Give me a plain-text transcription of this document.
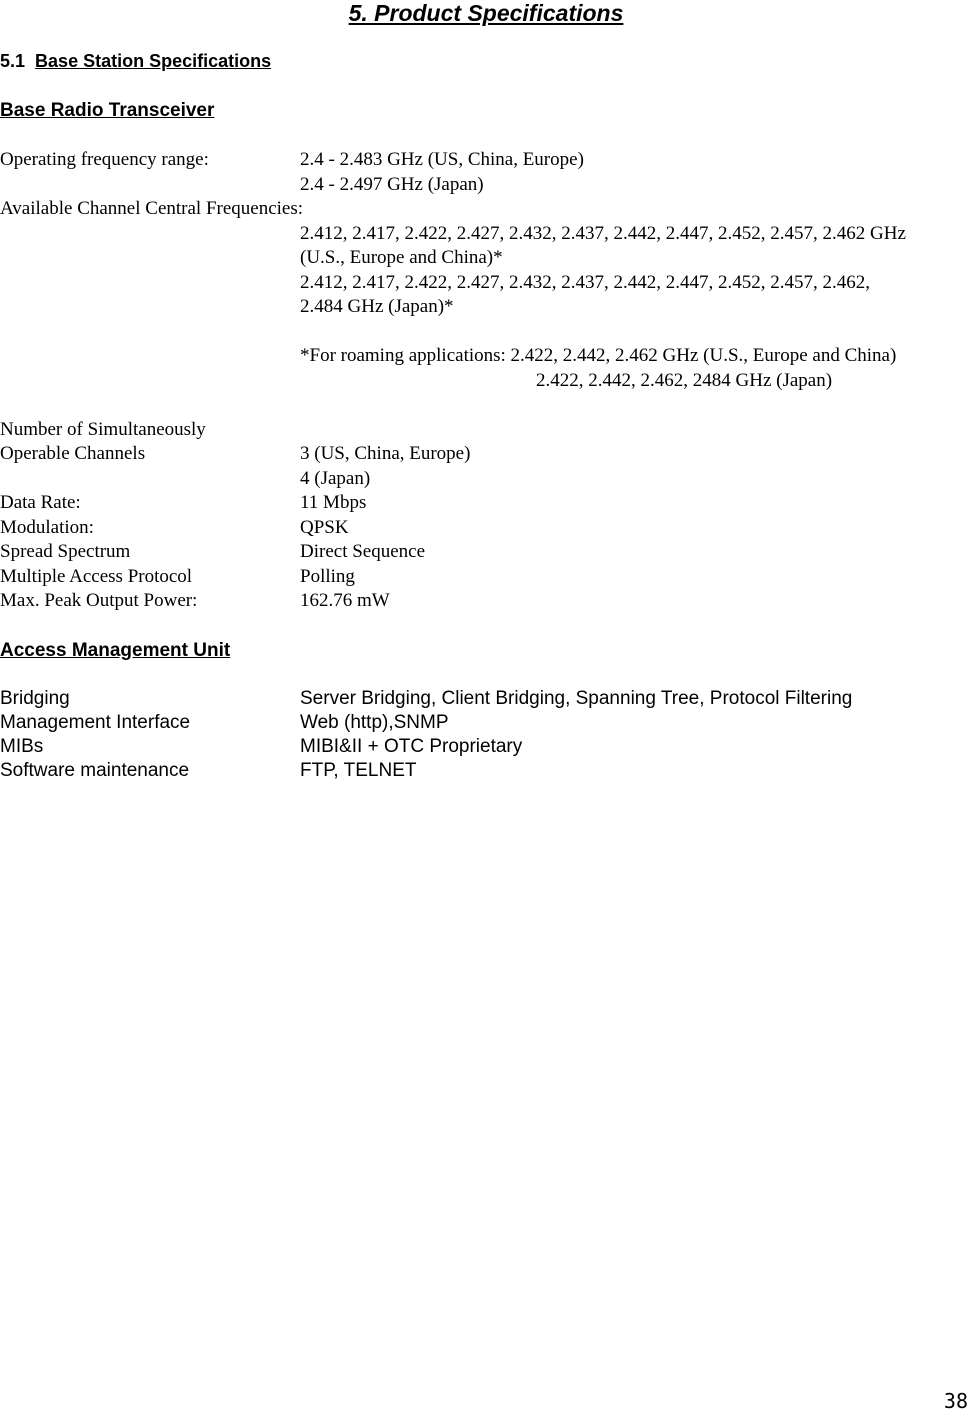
5. Product Specifications
5.1 Base Station Specifications
Base Radio Transceiver
Operating frequency range:	2.4 - 2.483 GHz (US, China, Europe)
2.4 - 2.497 GHz (Japan)
Available Channel Central Frequencies:
2.412, 2.417, 2.422, 2.427, 2.432, 2.437, 2.442, 2.447, 2.452, 2.457, 2.462 GHz
(U.S., Europe and China)*
2.412, 2.417, 2.422, 2.427, 2.432, 2.437, 2.442, 2.447, 2.452, 2.457, 2.462,
2.484 GHz (Japan)*
*For roaming applications: 2.422, 2.442, 2.462 GHz (U.S., Europe and China)
2.422, 2.442, 2.462, 2484 GHz (Japan)
Number of Simultaneously
Operable Channels	3 (US, China, Europe)
4 (Japan)
Data Rate:	11 Mbps
Modulation:	QPSK
Spread Spectrum	Direct Sequence
Multiple Access Protocol	Polling
Max. Peak Output Power:	162.76 mW
Access Management Unit
Bridging	Server Bridging, Client Bridging, Spanning Tree, Protocol Filtering
Management Interface	Web (http),SNMP
MIBs	MIBI&II + OTC Proprietary
Software maintenance	FTP, TELNET
38
